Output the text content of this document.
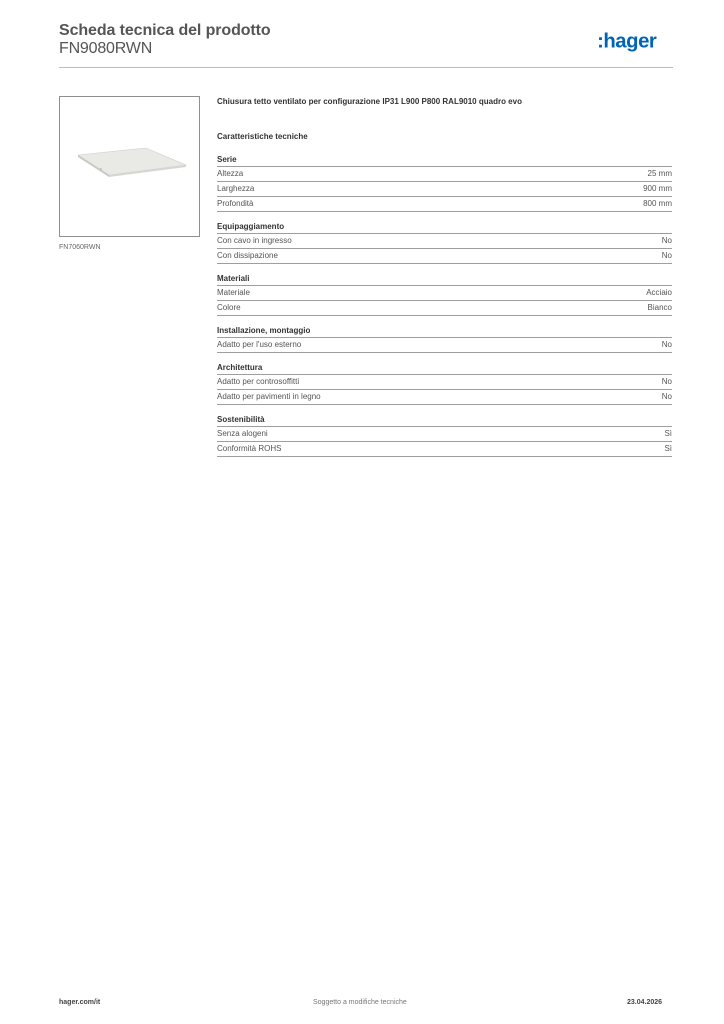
Scheda tecnica del prodotto
FN9080RWN	:hager
FN7060RWN
Chiusura tetto ventilato per configurazione IP31 L900 P800 RAL9010 quadro evo
Caratteristiche tecniche
Serie
Altezza	25 mm
Larghezza	900 mm
Profondità	800 mm
Equipaggiamento
Con cavo in ingresso	No
Con dissipazione	No
Materiali
Materiale	Acciaio
Colore	Bianco
Installazione, montaggio
Adatto per l'uso esterno	No
Architettura
Adatto per controsoffitti	No
Adatto per pavimenti in legno	No
Sostenibilità
Senza alogeni	Sì
Conformità ROHS	Sì
hager.com/it	Soggetto a modifiche tecniche	23.04.2026
